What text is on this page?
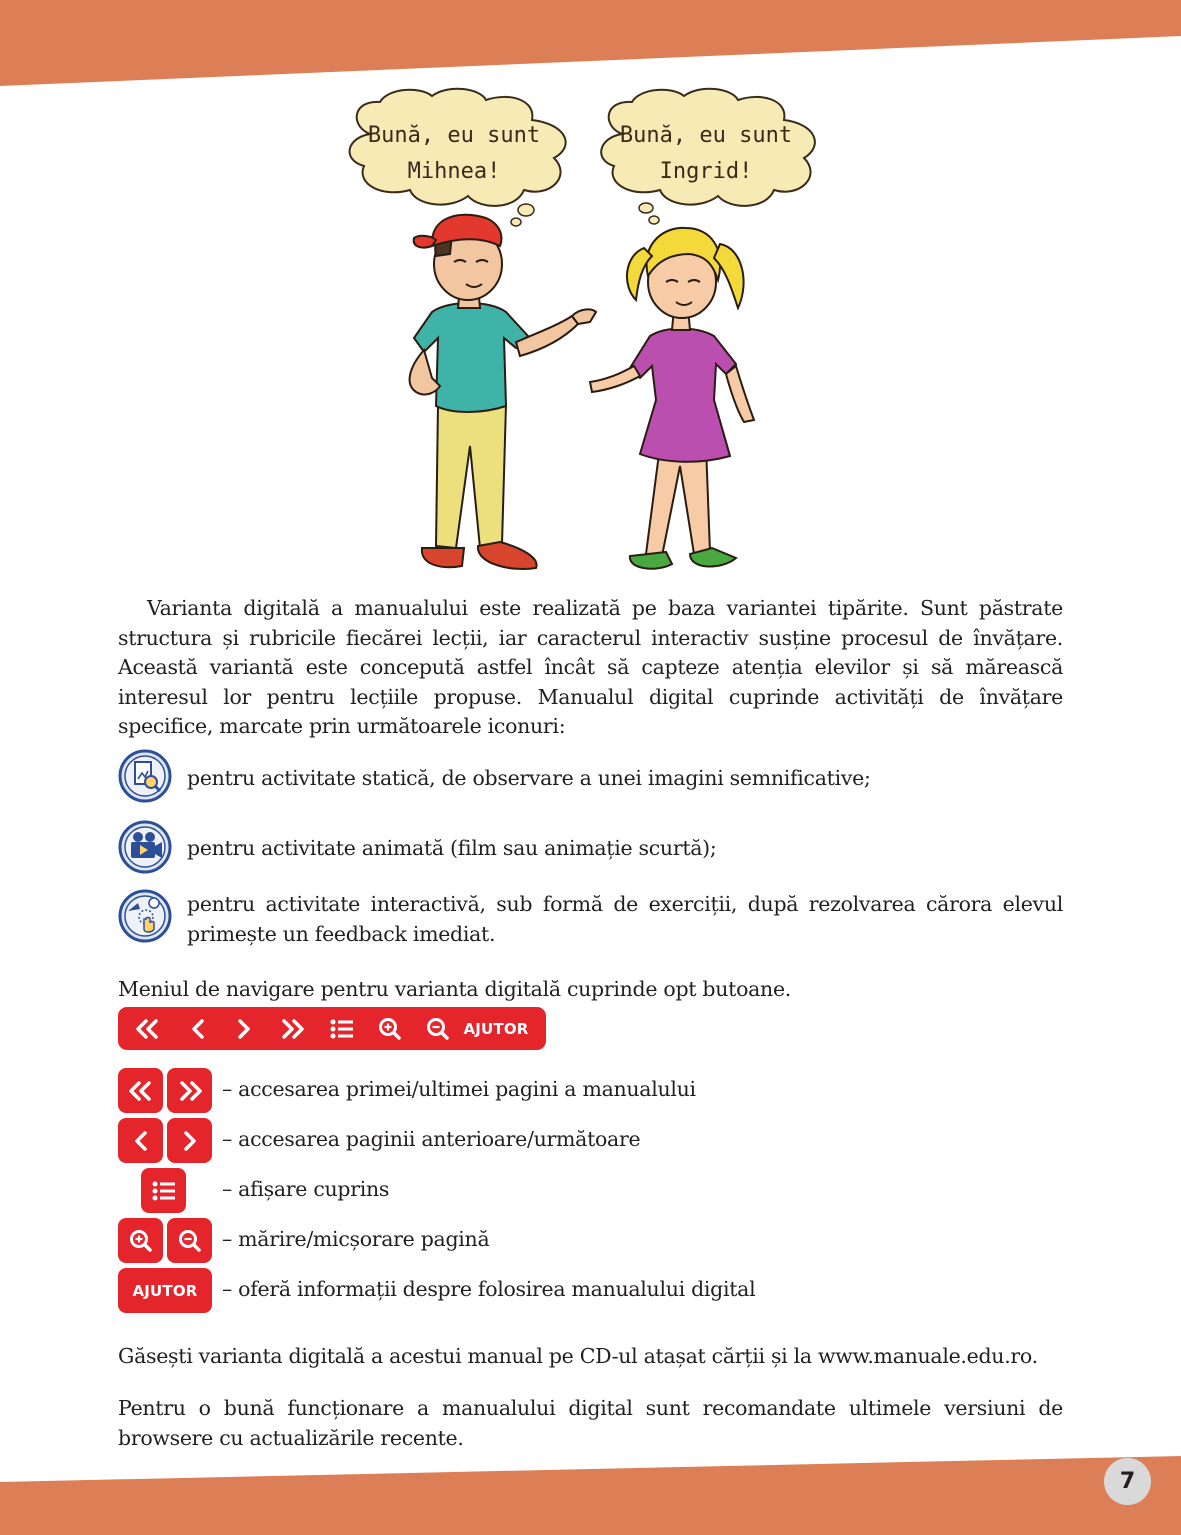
Bună, eu sunt
Mihnea!
Bună, eu sunt
Ingrid!

Varianta digitală a manualului este realizată pe baza variantei tipărite. Sunt păstrate structura și rubricile fiecărei lecții, iar caracterul interactiv susține procesul de învățare. Această variantă este concepută astfel încât să capteze atenția elevilor și să mărească interesul lor pentru lecțiile propuse. Manualul digital cuprinde activități de învățare specifice, marcate prin următoarele iconuri:

pentru activitate statică, de observare a unei imagini semnificative;
pentru activitate animată (film sau animație scurtă);
pentru activitate interactivă, sub formă de exerciții, după rezolvarea cărora elevul primește un feedback imediat.
Meniul de navigare pentru varianta digitală cuprinde opt butoane.
AJUTOR
– accesarea primei/ultimei pagini a manualului
– accesarea paginii anterioare/următoare
– afișare cuprins
– mărire/micșorare pagină
AJUTOR – oferă informații despre folosirea manualului digital
Găsești varianta digitală a acestui manual pe CD-ul atașat cărții și la www.manuale.edu.ro.
Pentru o bună funcționare a manualului digital sunt recomandate ultimele versiuni de browsere cu actualizările recente.
7
